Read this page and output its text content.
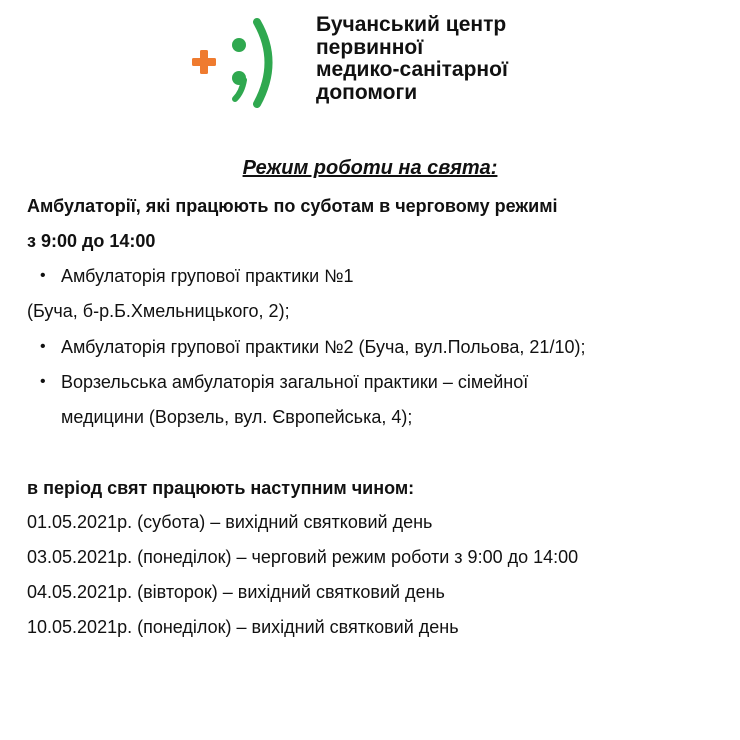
Бучанський центр
первинної
медико-санітарної
допомоги
Режим роботи на свята:
Амбулаторії, які працюють по суботам в черговому режимі
з 9:00 до 14:00
• Амбулаторія групової практики №1
(Буча, б-р.Б.Хмельницького, 2);
• Амбулаторія групової практики №2 (Буча, вул.Польова, 21/10);
• Ворзельська амбулаторія загальної практики – сімейної
медицини (Ворзель, вул. Європейська, 4);
в період свят працюють наступним чином:
01.05.2021р. (субота) – вихідний святковий день
03.05.2021р. (понеділок) – черговий режим роботи з 9:00 до 14:00
04.05.2021р. (вівторок) – вихідний святковий день
10.05.2021р. (понеділок) – вихідний святковий день
